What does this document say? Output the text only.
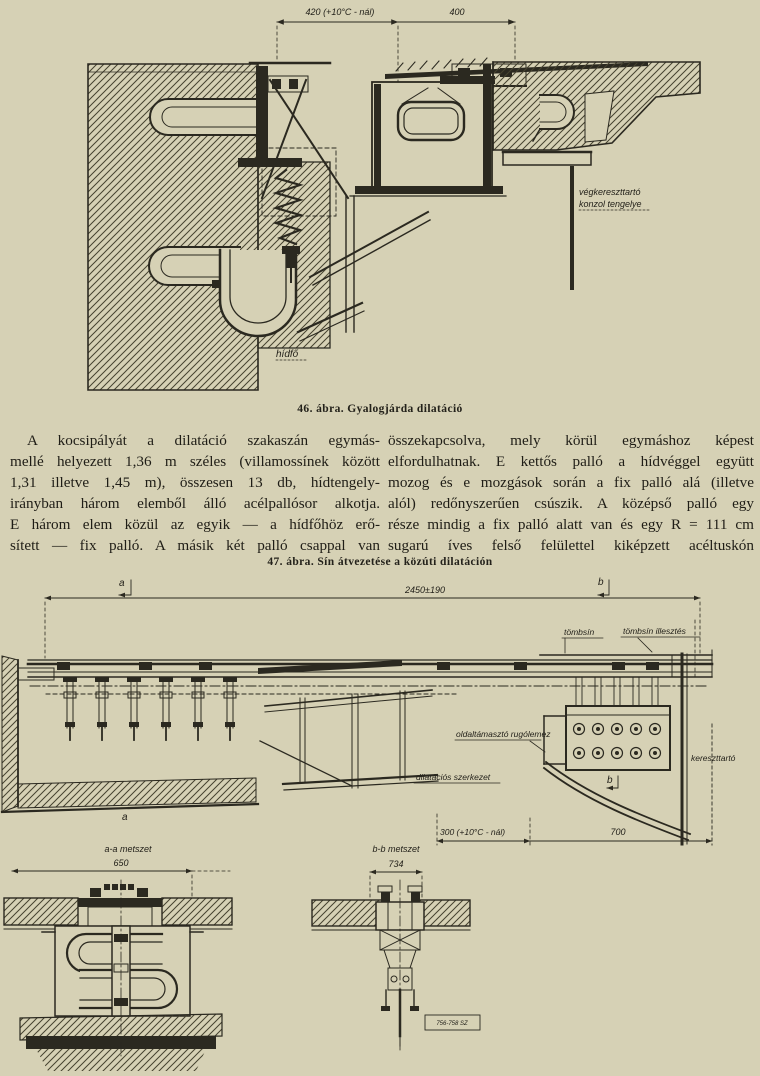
420 (+10°C - nál)	400
végkereszttartó
konzol tengelye
hídfő
46. ábra. Gyalogjárda dilatáció
A kocsipályát a dilatáció szakaszán egymás-
mellé helyezett 1,36 m széles (villamossínek között
1,31 illetve 1,45 m), összesen 13 db, hídtengely-
irányban három elemből álló acélpallósor alkotja.
E három elem közül az egyik — a hídfőhöz erő-
sített — fix palló. A másik két palló csappal van
összekapcsolva, mely körül egymáshoz képest
elfordulhatnak. E kettős palló a hídvéggel együtt
mozog és e mozgások során a fix palló alá (illetve
alól) redőnyszerűen csúszik. A középső palló egy
része mindig a fix palló alatt van és egy R = 111 cm
sugarú íves felső felülettel kiképzett acéltuskón
47. ábra. Sín átvezetése a közúti dilatáción
a	b
2450±190
tömbsín	tömbsín illesztés
oldaltámasztó rugólemez
dilatációs szerkezet
kereszttartó
b
a
300 (+10°C - nál)	700
a-a metszet
650
b-b metszet
734
756-758 SZ
